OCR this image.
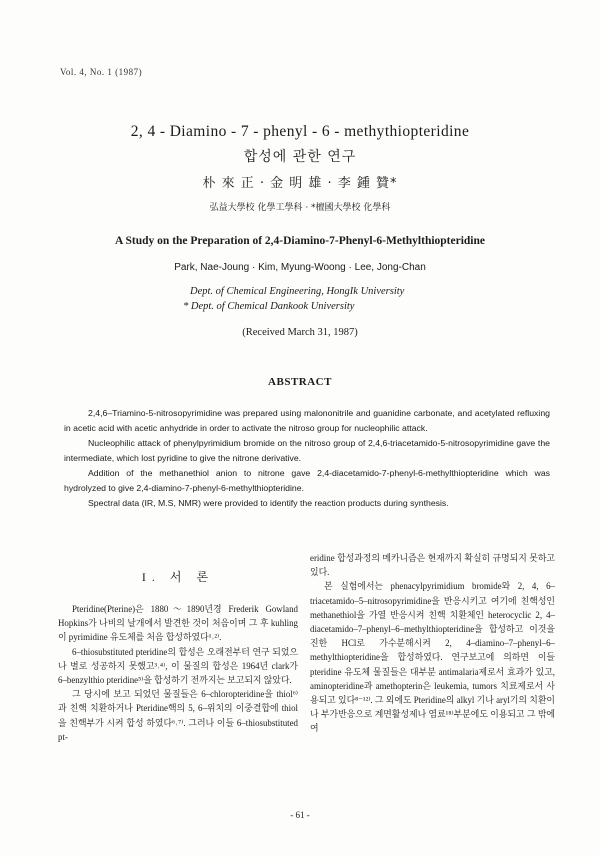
Vol. 4, No. 1 (1987)
2, 4 - Diamino - 7 - phenyl - 6 - methythiopteridine
합성에 관한 연구
朴 來 正 · 金 明 雄 · 李 鍾 贊*
弘益大學校 化學工學科 · *檀國大學校 化學科
A Study on the Preparation of 2,4-Diamino-7-Phenyl-6-Methylthiopteridine
Park, Nae-Joung · Kim, Myung-Woong · Lee, Jong-Chan
Dept. of Chemical Engineering, HongIk University
* Dept. of Chemical Dankook University
(Received March 31, 1987)
ABSTRACT

2,4,6–Triamino-5-nitrosopyrimidine was prepared using malononitrile and guanidine carbonate, and acetylated refluxing in acetic acid with acetic anhydride in order to activate the nitroso group for nucleophilic attack.

Nucleophilic attack of phenylpyrimidium bromide on the nitroso group of 2,4,6-triacetamido-5-nitrosopyrimidine gave the intermediate, which lost pyridine to give the nitrone derivative.

Addition of the methanethiol anion to nitrone gave 2,4-diacetamido-7-phenyl-6-methylthiopteridine which was hydrolyzed to give 2,4-diamino-7-phenyl-6-methylthiopteridine.

Spectral data (IR, M.S, NMR) were provided to identify the reaction products during synthesis.

I. 서 론

Pteridine(Pterine)은 1880～1890년경 Frederik Gowland Hopkins가 나비의 날개에서 발견한 것이 처음이며 그 후 kuhling이 pyrimidine 유도체를 처음 합성하였다¹˒²⁾.

6–thiosubstituted pteridine의 합성은 오래전부터 연구 되었으나 별로 성공하지 못했고³˒⁴⁾, 이 물질의 합성은 1964년 clark가 6–benzylthio pteridine⁵⁾을 합성하기 전까지는 보고되지 않았다.

그 당시에 보고 되었던 물질들은 6–chloropteridine을 thiol⁶⁾과 친핵 치환하거나 Pteridine핵의 5, 6–위치의 이중결합에 thiol을 친핵부가 시켜 합성 하였다⁶˒⁷⁾. 그러나 이들 6–thiosubstituted pt-

eridine 합성과정의 메카니즘은 현재까지 확실히 규명되지 못하고 있다.

본 실험에서는 phenacylpyrimidium bromide와 2, 4, 6–triacetamido–5–nitrosopyrimidine을 반응시키고 여기에 친핵성인 methanethiol을 가열 반응시켜 친핵 치환체인 heterocyclic 2, 4–diacetamido–7–phenyl–6–methylthiopteridine을 합성하고 이것을 진한 HCl로 가수분해시켜 2, 4–diamino–7–phenyl–6–methylthiopteridine을 합성하였다. 연구보고에 의하면 이들 pteridine 유도체 물질들은 대부분 antimalaria제로서 효과가 있고, aminopteridine과 amethopterin은 leukemia, tumors 치료제로서 사용되고 있다⁸⁻¹²⁾. 그 외에도 Pteridine의 alkyl 기나 aryl기의 치환이나 부가반응으로 계면활성제나 염료¹⁸⁾부분에도 이용되고 그 밖에 여

- 61 -
